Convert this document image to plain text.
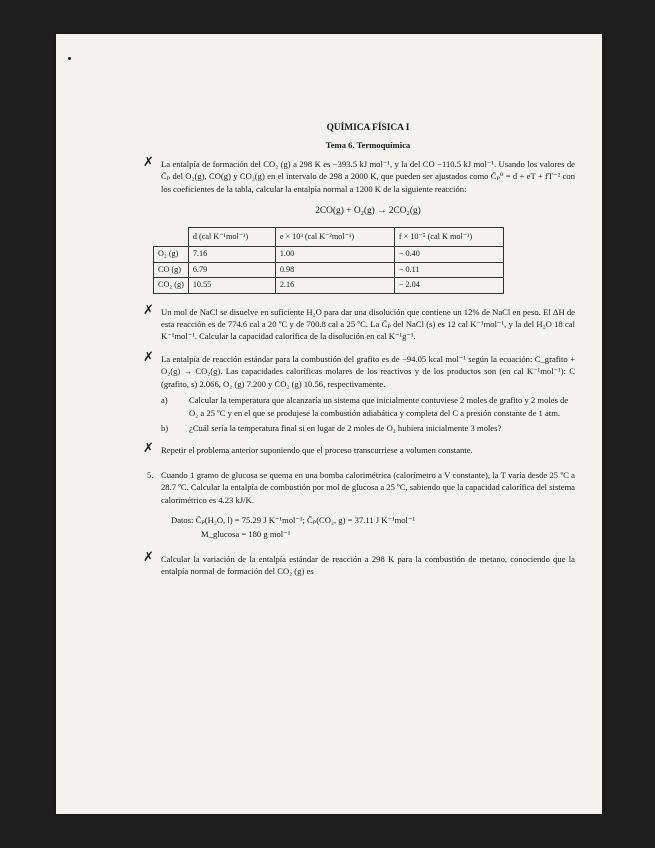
QUÍMICA FÍSICA I
Tema 6. Termoquímica
✗ La entalpía de formación del CO₂ (g) a 298 K es −393.5 kJ mol⁻¹, y la del CO −110.5 kJ mol⁻¹. Usando los valores de C̄ₚ del O₂(g), CO(g) y CO₂(g) en el intervalo de 298 a 2000 K, que pueden ser ajustados como C̄ₚ⁰ = d + eT + fT⁻² con los coeficientes de la tabla, calcular la entalpía normal a 1200 K de la siguiente reacción:
2CO(g) + O₂(g) → 2CO₂(g)
	d (cal K⁻¹mol⁻¹)	e × 10³ (cal K⁻²mol⁻¹)	f × 10⁻⁵ (cal K mol⁻¹)
O₂ (g)	7.16	1.00	− 0.40
CO (g)	6.79	0.98	− 0.11
CO₂ (g)	10.55	2.16	− 2.04
✗ Un mol de NaCl se disuelve en suficiente H₂O para dar una disolución que contiene un 12% de NaCl en peso. El ΔH de esta reacción es de 774.6 cal a 20 ºC y de 700.8 cal a 25 ºC. La C̄ₚ del NaCl (s) es 12 cal K⁻¹mol⁻¹, y la del H₂O 18 cal K⁻¹mol⁻¹. Calcular la capacidad calorífica de la disolución en cal K⁻¹g⁻¹.
✗ La entalpía de reacción estándar para la combustión del grafito es de −94.05 kcal mol⁻¹ según la ecuación: C_grafito + O₂(g) → CO₂(g). Las capacidades caloríficas molares de los reactivos y de los productos son (en cal K⁻¹mol⁻¹): C (grafito, s) 2.066, O₂ (g) 7.200 y CO₂ (g) 10.56, respectivamente.
a)	Calcular la temperatura que alcanzaría un sistema que inicialmente contuviese 2 moles de grafito y 2 moles de O₂ a 25 ºC y en el que se produjese la combustión adiabática y completa del C a presión constante de 1 atm.
b)	¿Cuál sería la temperatura final si en lugar de 2 moles de O₂ hubiera inicialmente 3 moles?
✗ Repetir el problema anterior suponiendo que el proceso transcurriese a volumen constante.
5. Cuando 1 gramo de glucosa se quema en una bomba calorimétrica (calorímetro a V constante), la T varía desde 25 ºC a 28.7 ºC. Calcular la entalpía de combustión por mol de glucosa a 25 ºC, sabiendo que la capacidad calorífica del sistema calorimétrico es 4.23 kJ/K.
Datos: C̄ₚ(H₂O, l) = 75.29 J K⁻¹mol⁻¹; C̄ₚ(CO₂, g) = 37.11 J K⁻¹mol⁻¹
M_glucosa = 180 g mol⁻¹
✗ Calcular la variación de la entalpía estándar de reacción a 298 K para la combustión de metano, conociendo que la entalpía normal de formación del CO₂ (g) es
